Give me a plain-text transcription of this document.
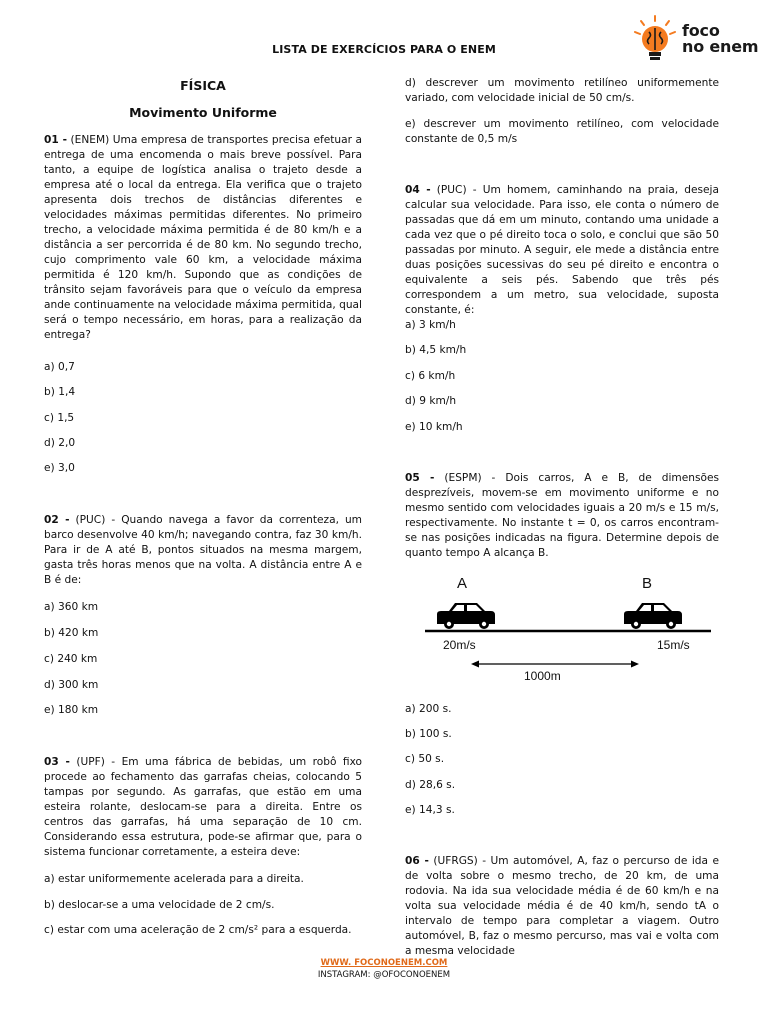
foco
no enem
LISTA DE EXERCÍCIOS PARA O ENEM
FÍSICA
Movimento Uniforme
01 - (ENEM) Uma empresa de transportes precisa efetuar a entrega de uma encomenda o mais breve possível. Para tanto, a equipe de logística analisa o trajeto desde a empresa até o local da entrega. Ela verifica que o trajeto apresenta dois trechos de distâncias diferentes e velocidades máximas permitidas diferentes. No primeiro trecho, a velocidade máxima permitida é de 80 km/h e a distância a ser percorrida é de 80 km. No segundo trecho, cujo comprimento vale 60 km, a velocidade máxima permitida é 120 km/h. Supondo que as condições de trânsito sejam favoráveis para que o veículo da empresa ande continuamente na velocidade máxima permitida, qual será o tempo necessário, em horas, para a realização da entrega?
a) 0,7
b) 1,4
c) 1,5
d) 2,0
e) 3,0
02 - (PUC) - Quando navega a favor da correnteza, um barco desenvolve 40 km/h; navegando contra, faz 30 km/h. Para ir de A até B, pontos situados na mesma margem, gasta três horas menos que na volta. A distância entre A e B é de:
a) 360 km
b) 420 km
c) 240 km
d) 300 km
e) 180 km
03 - (UPF) - Em uma fábrica de bebidas, um robô fixo procede ao fechamento das garrafas cheias, colocando 5 tampas por segundo. As garrafas, que estão em uma esteira rolante, deslocam-se para a direita. Entre os centros das garrafas, há uma separação de 10 cm. Considerando essa estrutura, pode-se afirmar que, para o sistema funcionar corretamente, a esteira deve:
a) estar uniformemente acelerada para a direita.
b) deslocar-se a uma velocidade de 2 cm/s.
c) estar com uma aceleração de 2 cm/s² para a esquerda.
d) descrever um movimento retilíneo uniformemente variado, com velocidade inicial de 50 cm/s.
e) descrever um movimento retilíneo, com velocidade constante de 0,5 m/s
04 - (PUC) - Um homem, caminhando na praia, deseja calcular sua velocidade. Para isso, ele conta o número de passadas que dá em um minuto, contando uma unidade a cada vez que o pé direito toca o solo, e conclui que são 50 passadas por minuto. A seguir, ele mede a distância entre duas posições sucessivas do seu pé direito e encontra o equivalente a seis pés. Sabendo que três pés correspondem a um metro, sua velocidade, suposta constante, é:
a) 3 km/h
b) 4,5 km/h
c) 6 km/h
d) 9 km/h
e) 10 km/h
05 - (ESPM) - Dois carros, A e B, de dimensões desprezíveis, movem-se em movimento uniforme e no mesmo sentido com velocidades iguais a 20 m/s e 15 m/s, respectivamente. No instante t = 0, os carros encontram-se nas posições indicadas na figura. Determine depois de quanto tempo A alcança B.
a) 200 s.
b) 100 s.
c) 50 s.
d) 28,6 s.
e) 14,3 s.
06 - (UFRGS) - Um automóvel, A, faz o percurso de ida e de volta sobre o mesmo trecho, de 20 km, de uma rodovia. Na ida sua velocidade média é de 60 km/h e na volta sua velocidade média é de 40 km/h, sendo tA o intervalo de tempo para completar a viagem. Outro automóvel, B, faz o mesmo percurso, mas vai e volta com a mesma velocidade
A	B
20m/s	15m/s
1000m
WWW. FOCONOENEM.COM
INSTAGRAM: @OFOCONOENEM
